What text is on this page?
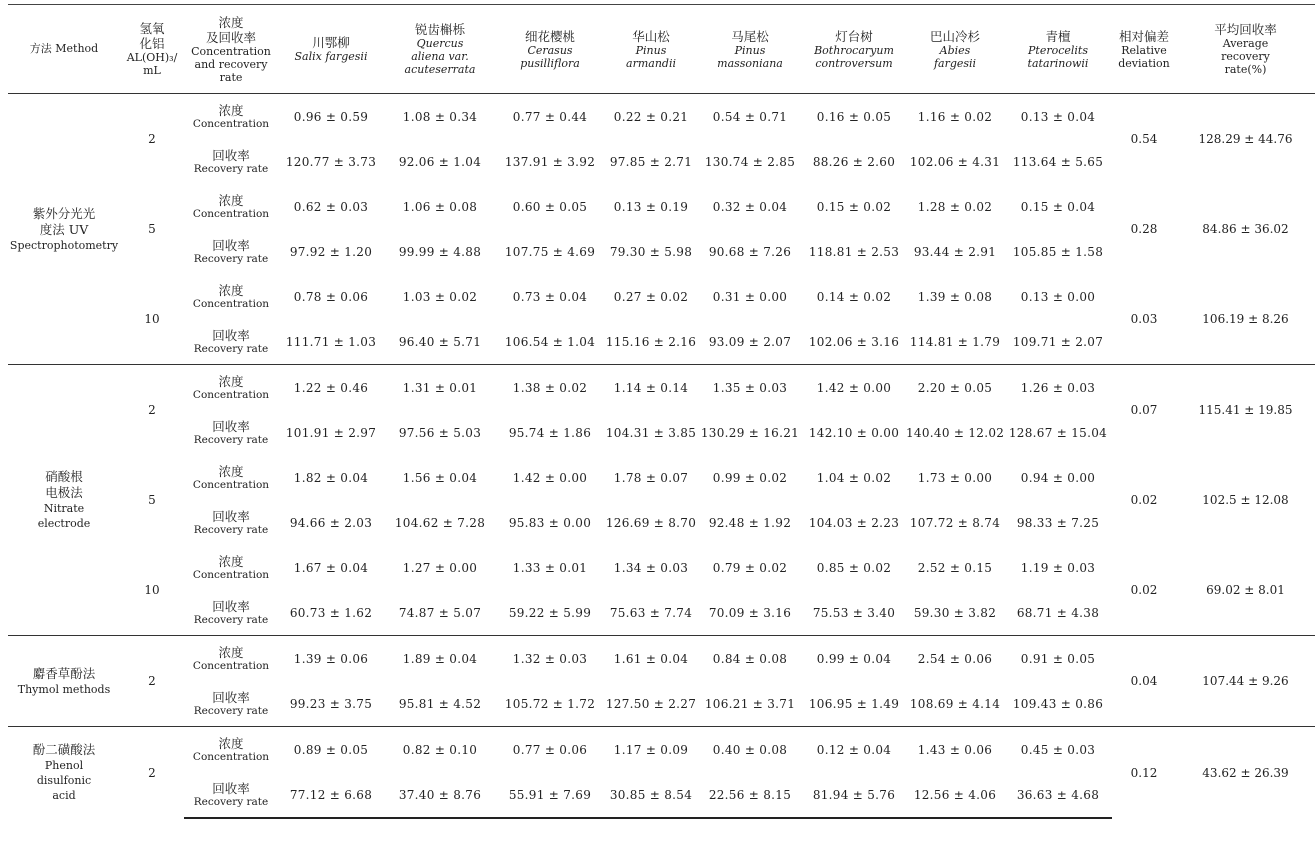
方法 Method	氢氧
化铝
AL(OH)₃/
mL	浓度
及回收率
Concentration
and recovery
rate	川鄂柳
Salix fargesii	锐齿槲栎
Quercus
aliena var.
acuteserrata	细花樱桃
Cerasus
pusilliflora	华山松
Pinus
armandii	马尾松
Pinus
massoniana	灯台树
Bothrocaryum
controversum	巴山冷杉
Abies
fargesii	青檀
Pterocelits
tatarinowii	相对偏差
Relative
deviation	平均回收率
Average
recovery
rate(%)

紫外分光光
度法 UV
Spectrophotometry	2	浓度
Concentration	0.96 ± 0.59	1.08 ± 0.34	0.77 ± 0.44	0.22 ± 0.21	0.54 ± 0.71	0.16 ± 0.05	1.16 ± 0.02	0.13 ± 0.04	0.54	128.29 ± 44.76

		回收率
Recovery rate	120.77 ± 3.73	92.06 ± 1.04	137.91 ± 3.92	97.85 ± 2.71	130.74 ± 2.85	88.26 ± 2.60	102.06 ± 4.31	113.64 ± 5.65		
	5	浓度
Concentration	0.62 ± 0.03	1.06 ± 0.08	0.60 ± 0.05	0.13 ± 0.19	0.32 ± 0.04	0.15 ± 0.02	1.28 ± 0.02	0.15 ± 0.04	0.28	84.86 ± 36.02

		回收率
Recovery rate	97.92 ± 1.20	99.99 ± 4.88	107.75 ± 4.69	79.30 ± 5.98	90.68 ± 7.26	118.81 ± 2.53	93.44 ± 2.91	105.85 ± 1.58		
	10	浓度
Concentration	0.78 ± 0.06	1.03 ± 0.02	0.73 ± 0.04	0.27 ± 0.02	0.31 ± 0.00	0.14 ± 0.02	1.39 ± 0.08	0.13 ± 0.00	0.03	106.19 ± 8.26

		回收率
Recovery rate	111.71 ± 1.03	96.40 ± 5.71	106.54 ± 1.04	115.16 ± 2.16	93.09 ± 2.07	102.06 ± 3.16	114.81 ± 1.79	109.71 ± 2.07		

硝酸根
电极法
Nitrate
electrode	2	浓度
Concentration	1.22 ± 0.46	1.31 ± 0.01	1.38 ± 0.02	1.14 ± 0.14	1.35 ± 0.03	1.42 ± 0.00	2.20 ± 0.05	1.26 ± 0.03	0.07	115.41 ± 19.85

		回收率
Recovery rate	101.91 ± 2.97	97.56 ± 5.03	95.74 ± 1.86	104.31 ± 3.85	130.29 ± 16.21	142.10 ± 0.00	140.40 ± 12.02	128.67 ± 15.04		
	5	浓度
Concentration	1.82 ± 0.04	1.56 ± 0.04	1.42 ± 0.00	1.78 ± 0.07	0.99 ± 0.02	1.04 ± 0.02	1.73 ± 0.00	0.94 ± 0.00	0.02	102.5 ± 12.08

		回收率
Recovery rate	94.66 ± 2.03	104.62 ± 7.28	95.83 ± 0.00	126.69 ± 8.70	92.48 ± 1.92	104.03 ± 2.23	107.72 ± 8.74	98.33 ± 7.25		
	10	浓度
Concentration	1.67 ± 0.04	1.27 ± 0.00	1.33 ± 0.01	1.34 ± 0.03	0.79 ± 0.02	0.85 ± 0.02	2.52 ± 0.15	1.19 ± 0.03	0.02	69.02 ± 8.01

		回收率
Recovery rate	60.73 ± 1.62	74.87 ± 5.07	59.22 ± 5.99	75.63 ± 7.74	70.09 ± 3.16	75.53 ± 3.40	59.30 ± 3.82	68.71 ± 4.38		

麝香草酚法
Thymol methods	2	浓度
Concentration	1.39 ± 0.06	1.89 ± 0.04	1.32 ± 0.03	1.61 ± 0.04	0.84 ± 0.08	0.99 ± 0.04	2.54 ± 0.06	0.91 ± 0.05	0.04	107.44 ± 9.26

		回收率
Recovery rate	99.23 ± 3.75	95.81 ± 4.52	105.72 ± 1.72	127.50 ± 2.27	106.21 ± 3.71	106.95 ± 1.49	108.69 ± 4.14	109.43 ± 0.86		

酚二磺酸法
Phenol
disulfonic
acid	2	浓度
Concentration	0.89 ± 0.05	0.82 ± 0.10	0.77 ± 0.06	1.17 ± 0.09	0.40 ± 0.08	0.12 ± 0.04	1.43 ± 0.06	0.45 ± 0.03	0.12	43.62 ± 26.39

		回收率
Recovery rate	77.12 ± 6.68	37.40 ± 8.76	55.91 ± 7.69	30.85 ± 8.54	22.56 ± 8.15	81.94 ± 5.76	12.56 ± 4.06	36.63 ± 4.68		
